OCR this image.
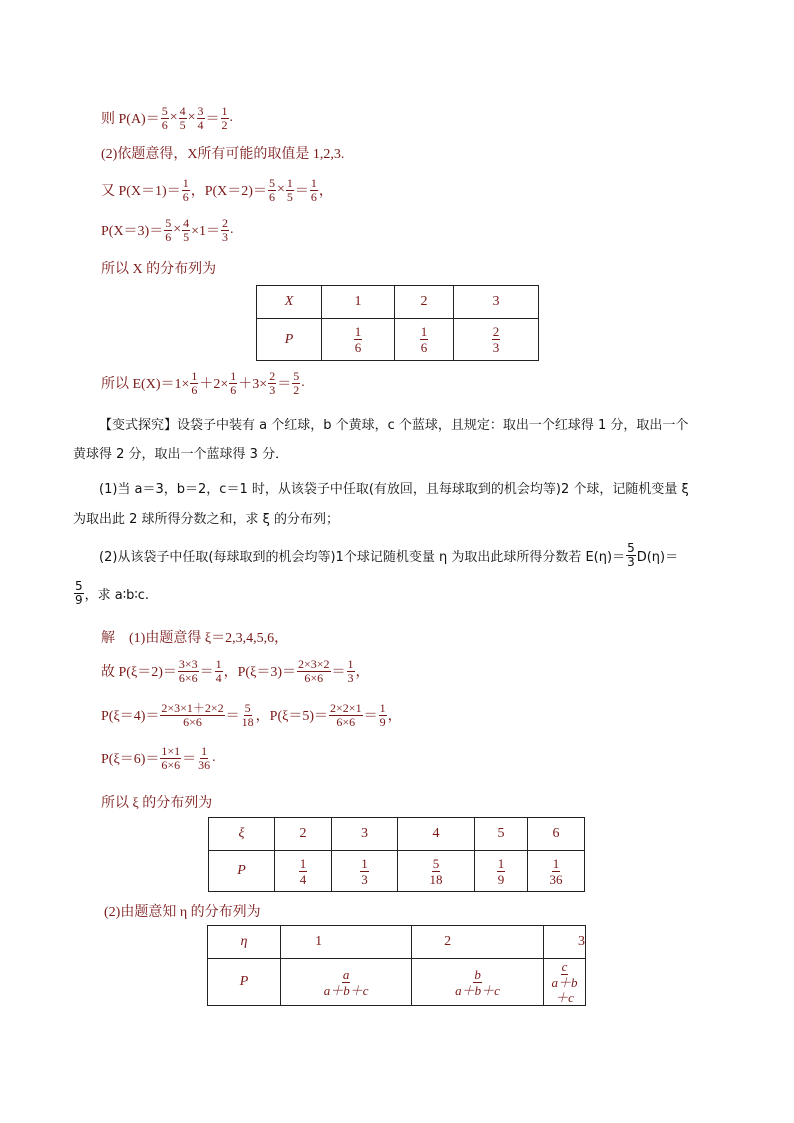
则 $P(A)= \frac{5}{6} \times \frac{4}{5} \times \frac{3}{4} = \frac{1}{2}$ .
(2)依题意得，X所有可能的取值是 1,2,3.
又 $P(X=1)= \frac{1}{6}$ ，$P(X=2)= \frac{5}{6} \times \frac{1}{5} = \frac{1}{6}$ ，
$P(X=3)= \frac{5}{6} \times \frac{4}{5} \times 1= \frac{2}{3}$ .
所以 X 的分布列为
X	1	2	3
P	$\frac{1}{6}$	$\frac{1}{6}$	$\frac{2}{3}$
所以 $E(X)=1\times \frac{1}{6} +2\times \frac{1}{6} +3\times \frac{2}{3} = \frac{5}{2}$ .
【变式探究】设袋子中装有 a 个红球，b 个黄球，c 个蓝球，且规定：取出一个红球得 1 分，取出一个
黄球得 2 分，取出一个蓝球得 3 分．
(1)当 a＝3，b＝2，c＝1 时，从该袋子中任取(有放回，且每球取到的机会均等)2 个球，记随机变量 ξ
为取出此 2 球所得分数之和，求 ξ 的分布列；
(2)从该袋子中任取(每球取到的机会均等)1个球记随机变量 η 为取出此球所得分数若 $E(\eta)= \frac{5}{3} D(\eta)=$
$\frac{5}{9}$ ，求 a∶b∶c.
解　(1)由题意得 ξ＝2,3,4,5,6，
故 $P(\xi=2)= \frac{3\times 3}{6\times 6} = \frac{1}{4}$ ，$P(\xi=3)= \frac{2\times 3\times 2}{6\times 6} = \frac{1}{3}$ ，
$P(\xi=4)= \frac{2\times 3\times 1+2\times 2}{6\times 6} = \frac{5}{18}$ ，$P(\xi=5)= \frac{2\times 2\times 1}{6\times 6} = \frac{1}{9}$ ，
$P(\xi=6)= \frac{1\times 1}{6\times 6} = \frac{1}{36}$ .
所以 ξ 的分布列为
ξ	2	3	4	5	6
P	$\frac{1}{4}$	$\frac{1}{3}$	$\frac{5}{18}$	$\frac{1}{9}$	$\frac{1}{36}$
(2)由题意知 η 的分布列为
η	1	2	3
P	$\frac{a}{a+b+c}$	$\frac{b}{a+b+c}$	$\frac{c}{a+b+c}$
